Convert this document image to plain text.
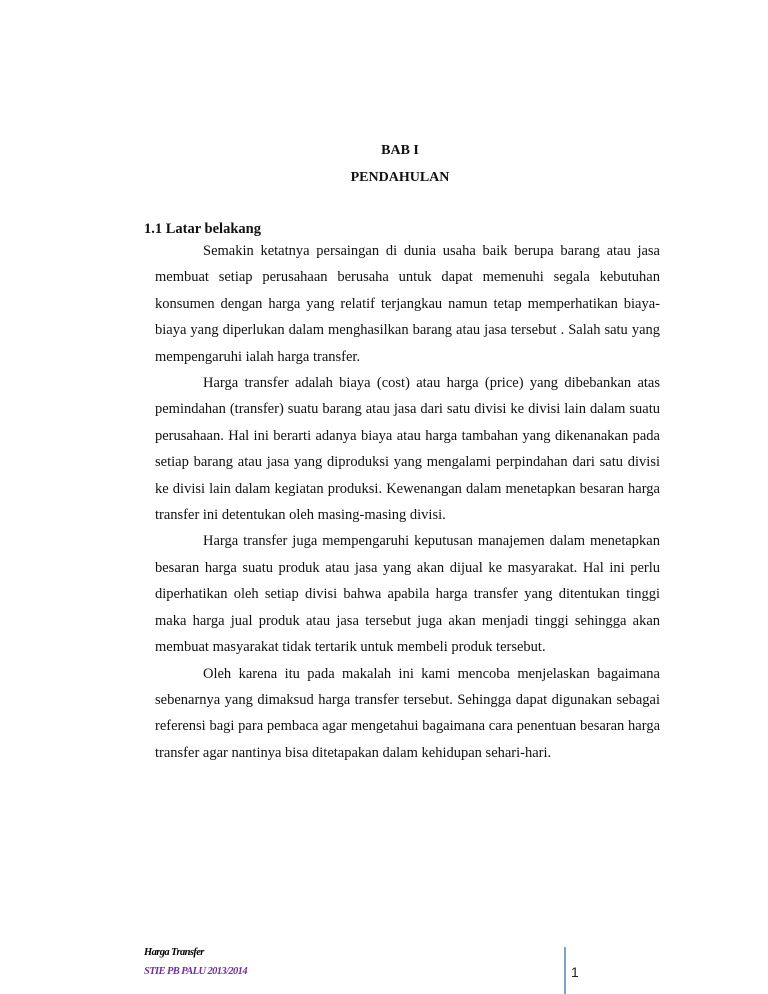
BAB I
PENDAHULAN
1.1 Latar belakang

Semakin ketatnya persaingan di dunia usaha baik berupa barang atau jasa membuat setiap perusahaan berusaha untuk dapat memenuhi segala kebutuhan konsumen dengan harga yang relatif terjangkau namun tetap memperhatikan biaya-biaya yang diperlukan dalam menghasilkan barang atau jasa tersebut . Salah satu yang mempengaruhi ialah harga transfer.

Harga transfer adalah biaya (cost) atau harga (price) yang dibebankan atas pemindahan (transfer) suatu barang atau jasa dari satu divisi ke divisi lain dalam suatu perusahaan. Hal ini berarti adanya biaya atau harga tambahan yang dikenanakan pada setiap barang atau jasa yang diproduksi yang mengalami perpindahan dari satu divisi ke divisi lain dalam kegiatan produksi. Kewenangan dalam menetapkan besaran harga transfer ini detentukan oleh masing-masing divisi.

Harga transfer juga mempengaruhi keputusan manajemen dalam menetapkan besaran harga suatu produk atau jasa yang akan dijual ke masyarakat. Hal ini perlu diperhatikan oleh setiap divisi bahwa apabila harga transfer yang ditentukan tinggi maka harga jual produk atau jasa tersebut juga akan menjadi tinggi sehingga akan membuat masyarakat tidak tertarik untuk membeli produk tersebut.

Oleh karena itu pada makalah ini kami mencoba menjelaskan bagaimana sebenarnya yang dimaksud harga transfer tersebut. Sehingga dapat digunakan sebagai referensi bagi para pembaca agar mengetahui bagaimana cara penentuan besaran harga transfer agar nantinya bisa ditetapakan dalam kehidupan sehari-hari.

Harga Transfer
STIE PB PALU 2013/2014	1
